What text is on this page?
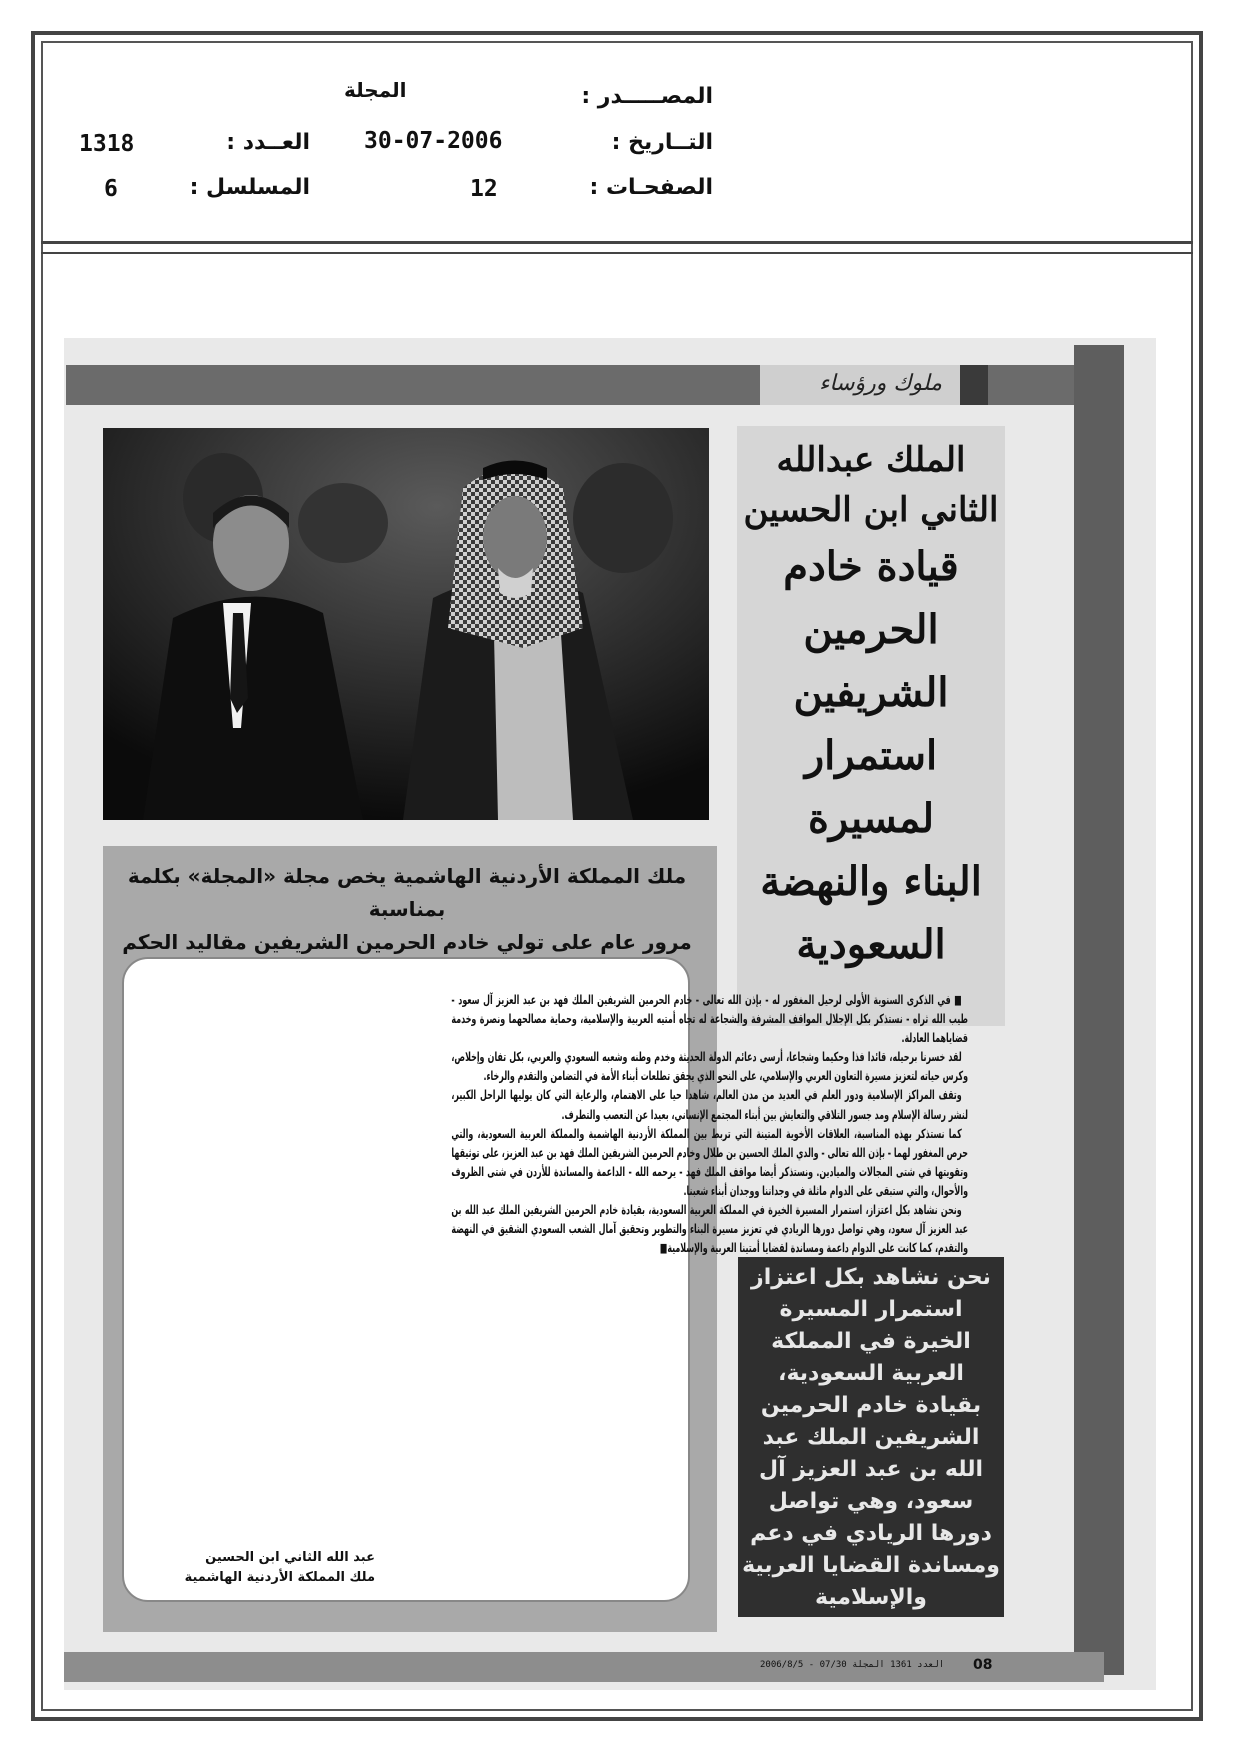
المجلة	المصـــــدر :
1318	العــدد : 30-07-2006	التــاريخ :
6	المسلسل :	12	الصفحـات :
ملوك ورؤساء
الملك عبدالله
الثاني ابن الحسين
قيادة خادم
الحرمين
الشريفين
استمرار لمسيرة
البناء والنهضة
السعودية
ملك المملكة الأردنية الهاشمية يخص مجلة «المجلة» بكلمة بمناسبة
مرور عام على تولي خادم الحرمين الشريفين مقاليد الحكم

■ في الذكرى السنوية الأولى لرحيل المغفور له - بإذن الله تعالى - خادم الحرمين الشريفين الملك فهد بن عبد العزيز آل سعود - طيب الله ثراه - نستذكر بكل الإجلال المواقف المشرفة والشجاعة له تجاه أمتيه العربية والإسلامية، وحماية مصالحهما ونصرة وخدمة قضاياهما العادلة.

لقد خسرنا برحيله، قائدا فذا وحكيما وشجاعا، أرسى دعائم الدولة الحديثة وخدم وطنه وشعبه السعودي والعربي، بكل تفان وإخلاص، وكرس حياته لتعزيز مسيرة التعاون العربي والإسلامي، على النحو الذي يحقق تطلعات أبناء الأمة في التضامن والتقدم والرخاء.

وتقف المراكز الإسلامية ودور العلم في العديد من مدن العالم، شاهدا حيا على الاهتمام، والرعاية التي كان يوليها الراحل الكبير، لنشر رسالة الإسلام ومد جسور التلاقي والتعايش بين أبناء المجتمع الإنساني، بعيدا عن التعصب والتطرف.

كما نستذكر بهذه المناسبة، العلاقات الأخوية المتينة التي تربط بين المملكة الأردنية الهاشمية والمملكة العربية السعودية، والتي حرص المغفور لهما - بإذن الله تعالى - والدي الملك الحسين بن طلال وخادم الحرمين الشريفين الملك فهد بن عبد العزيز، على توثيقها وتقويتها في شتى المجالات والميادين. ونستذكر أيضا مواقف الملك فهد - يرحمه الله - الداعمة والمساندة للأردن في شتى الظروف والأحوال، والتي ستبقى على الدوام ماثلة في وجداننا ووجدان أبناء شعبنا.

ونحن نشاهد بكل اعتزاز، استمرار المسيرة الخيرة في المملكة العربية السعودية، بقيادة خادم الحرمين الشريفين الملك عبد الله بن عبد العزيز آل سعود، وهي تواصل دورها الريادي في تعزيز مسيرة البناء والتطوير وتحقيق آمال الشعب السعودي الشقيق في النهضة والتقدم، كما كانت على الدوام داعمة ومساندة لقضايا أمتينا العربية والإسلامية■

عبد الله الثاني ابن الحسين
ملك المملكة الأردنية الهاشمية
نحن نشاهد بكل اعتزاز استمرار المسيرة الخيرة في المملكة العربية السعودية، بقيادة خادم الحرمين الشريفين الملك عبد الله بن عبد العزيز آل سعود، وهي تواصل دورها الريادي في دعم ومساندة القضايا العربية والإسلامية
2006/8/5 - 07/30 العدد 1361 المجلة 08
